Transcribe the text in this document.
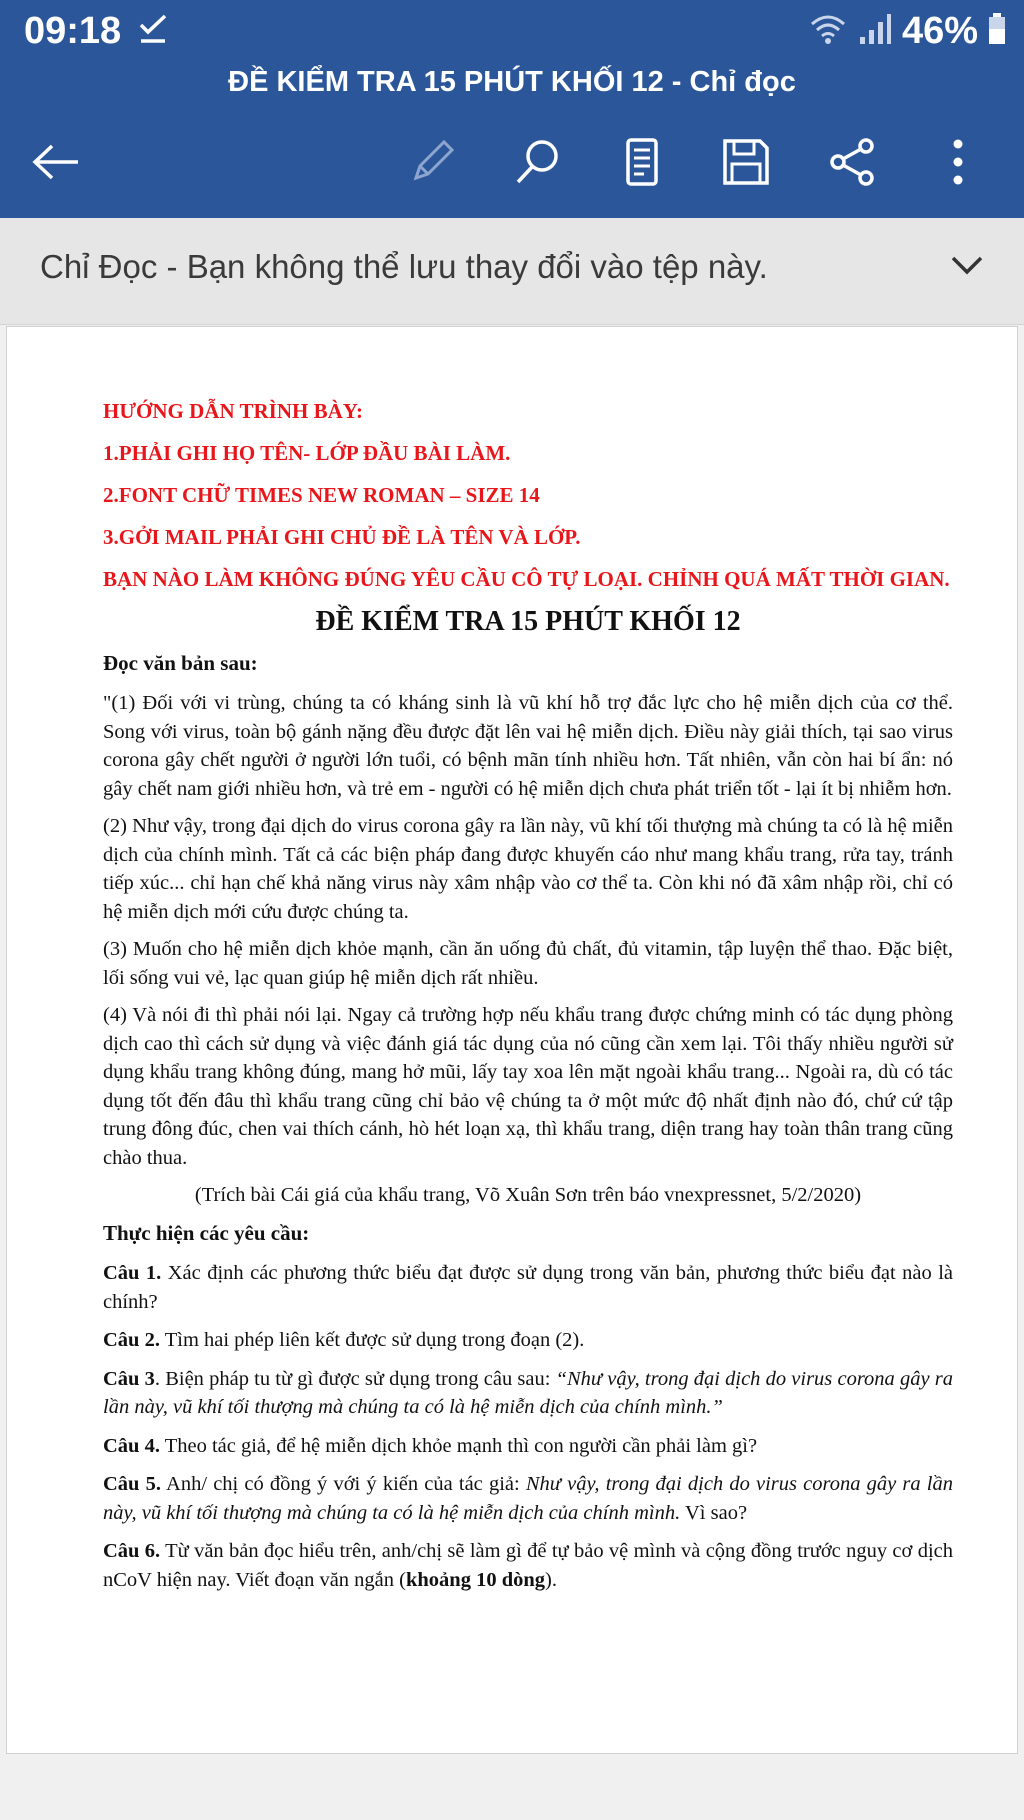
09:18	46%
ĐỀ KIỂM TRA 15 PHÚT KHỐI 12 - Chỉ đọc
Chỉ Đọc - Bạn không thể lưu thay đổi vào tệp này.

HƯỚNG DẪN TRÌNH BÀY:

1.PHẢI GHI HỌ TÊN- LỚP ĐẦU BÀI LÀM.

2.FONT CHỮ TIMES NEW ROMAN – SIZE 14

3.GỞI MAIL PHẢI GHI CHỦ ĐỀ LÀ TÊN VÀ LỚP.

BẠN NÀO LÀM KHÔNG ĐÚNG YÊU CẦU CÔ TỰ LOẠI. CHỈNH QUÁ MẤT THỜI GIAN.

ĐỀ KIỂM TRA 15 PHÚT KHỐI 12
Đọc văn bản sau:

"(1) Đối với vi trùng, chúng ta có kháng sinh là vũ khí hỗ trợ đắc lực cho hệ miễn dịch của cơ thể. Song với virus, toàn bộ gánh nặng đều được đặt lên vai hệ miễn dịch. Điều này giải thích, tại sao virus corona gây chết người ở người lớn tuổi, có bệnh mãn tính nhiều hơn. Tất nhiên, vẫn còn hai bí ẩn: nó gây chết nam giới nhiều hơn, và trẻ em - người có hệ miễn dịch chưa phát triển tốt - lại ít bị nhiễm hơn.

(2) Như vậy, trong đại dịch do virus corona gây ra lần này, vũ khí tối thượng mà chúng ta có là hệ miễn dịch của chính mình. Tất cả các biện pháp đang được khuyến cáo như mang khẩu trang, rửa tay, tránh tiếp xúc... chỉ hạn chế khả năng virus này xâm nhập vào cơ thể ta. Còn khi nó đã xâm nhập rồi, chỉ có hệ miễn dịch mới cứu được chúng ta.

(3) Muốn cho hệ miễn dịch khỏe mạnh, cần ăn uống đủ chất, đủ vitamin, tập luyện thể thao. Đặc biệt, lối sống vui vẻ, lạc quan giúp hệ miễn dịch rất nhiều.

(4) Và nói đi thì phải nói lại. Ngay cả trường hợp nếu khẩu trang được chứng minh có tác dụng phòng dịch cao thì cách sử dụng và việc đánh giá tác dụng của nó cũng cần xem lại. Tôi thấy nhiều người sử dụng khẩu trang không đúng, mang hở mũi, lấy tay xoa lên mặt ngoài khẩu trang... Ngoài ra, dù có tác dụng tốt đến đâu thì khẩu trang cũng chỉ bảo vệ chúng ta ở một mức độ nhất định nào đó, chứ cứ tập trung đông đúc, chen vai thích cánh, hò hét loạn xạ, thì khẩu trang, diện trang hay toàn thân trang cũng chào thua.

(Trích bài Cái giá của khẩu trang, Võ Xuân Sơn trên báo vnexpressnet, 5/2/2020)
Thực hiện các yêu cầu:

Câu 1. Xác định các phương thức biểu đạt được sử dụng trong văn bản, phương thức biểu đạt nào là chính?

Câu 2. Tìm hai phép liên kết được sử dụng trong đoạn (2).

Câu 3. Biện pháp tu từ gì được sử dụng trong câu sau: “Như vậy, trong đại dịch do virus corona gây ra lần này, vũ khí tối thượng mà chúng ta có là hệ miễn dịch của chính mình.”

Câu 4. Theo tác giả, để hệ miễn dịch khỏe mạnh thì con người cần phải làm gì?

Câu 5. Anh/ chị có đồng ý với ý kiến của tác giả: Như vậy, trong đại dịch do virus corona gây ra lần này, vũ khí tối thượng mà chúng ta có là hệ miễn dịch của chính mình. Vì sao?

Câu 6. Từ văn bản đọc hiểu trên, anh/chị sẽ làm gì để tự bảo vệ mình và cộng đồng trước nguy cơ dịch nCoV hiện nay. Viết đoạn văn ngắn (khoảng 10 dòng).
